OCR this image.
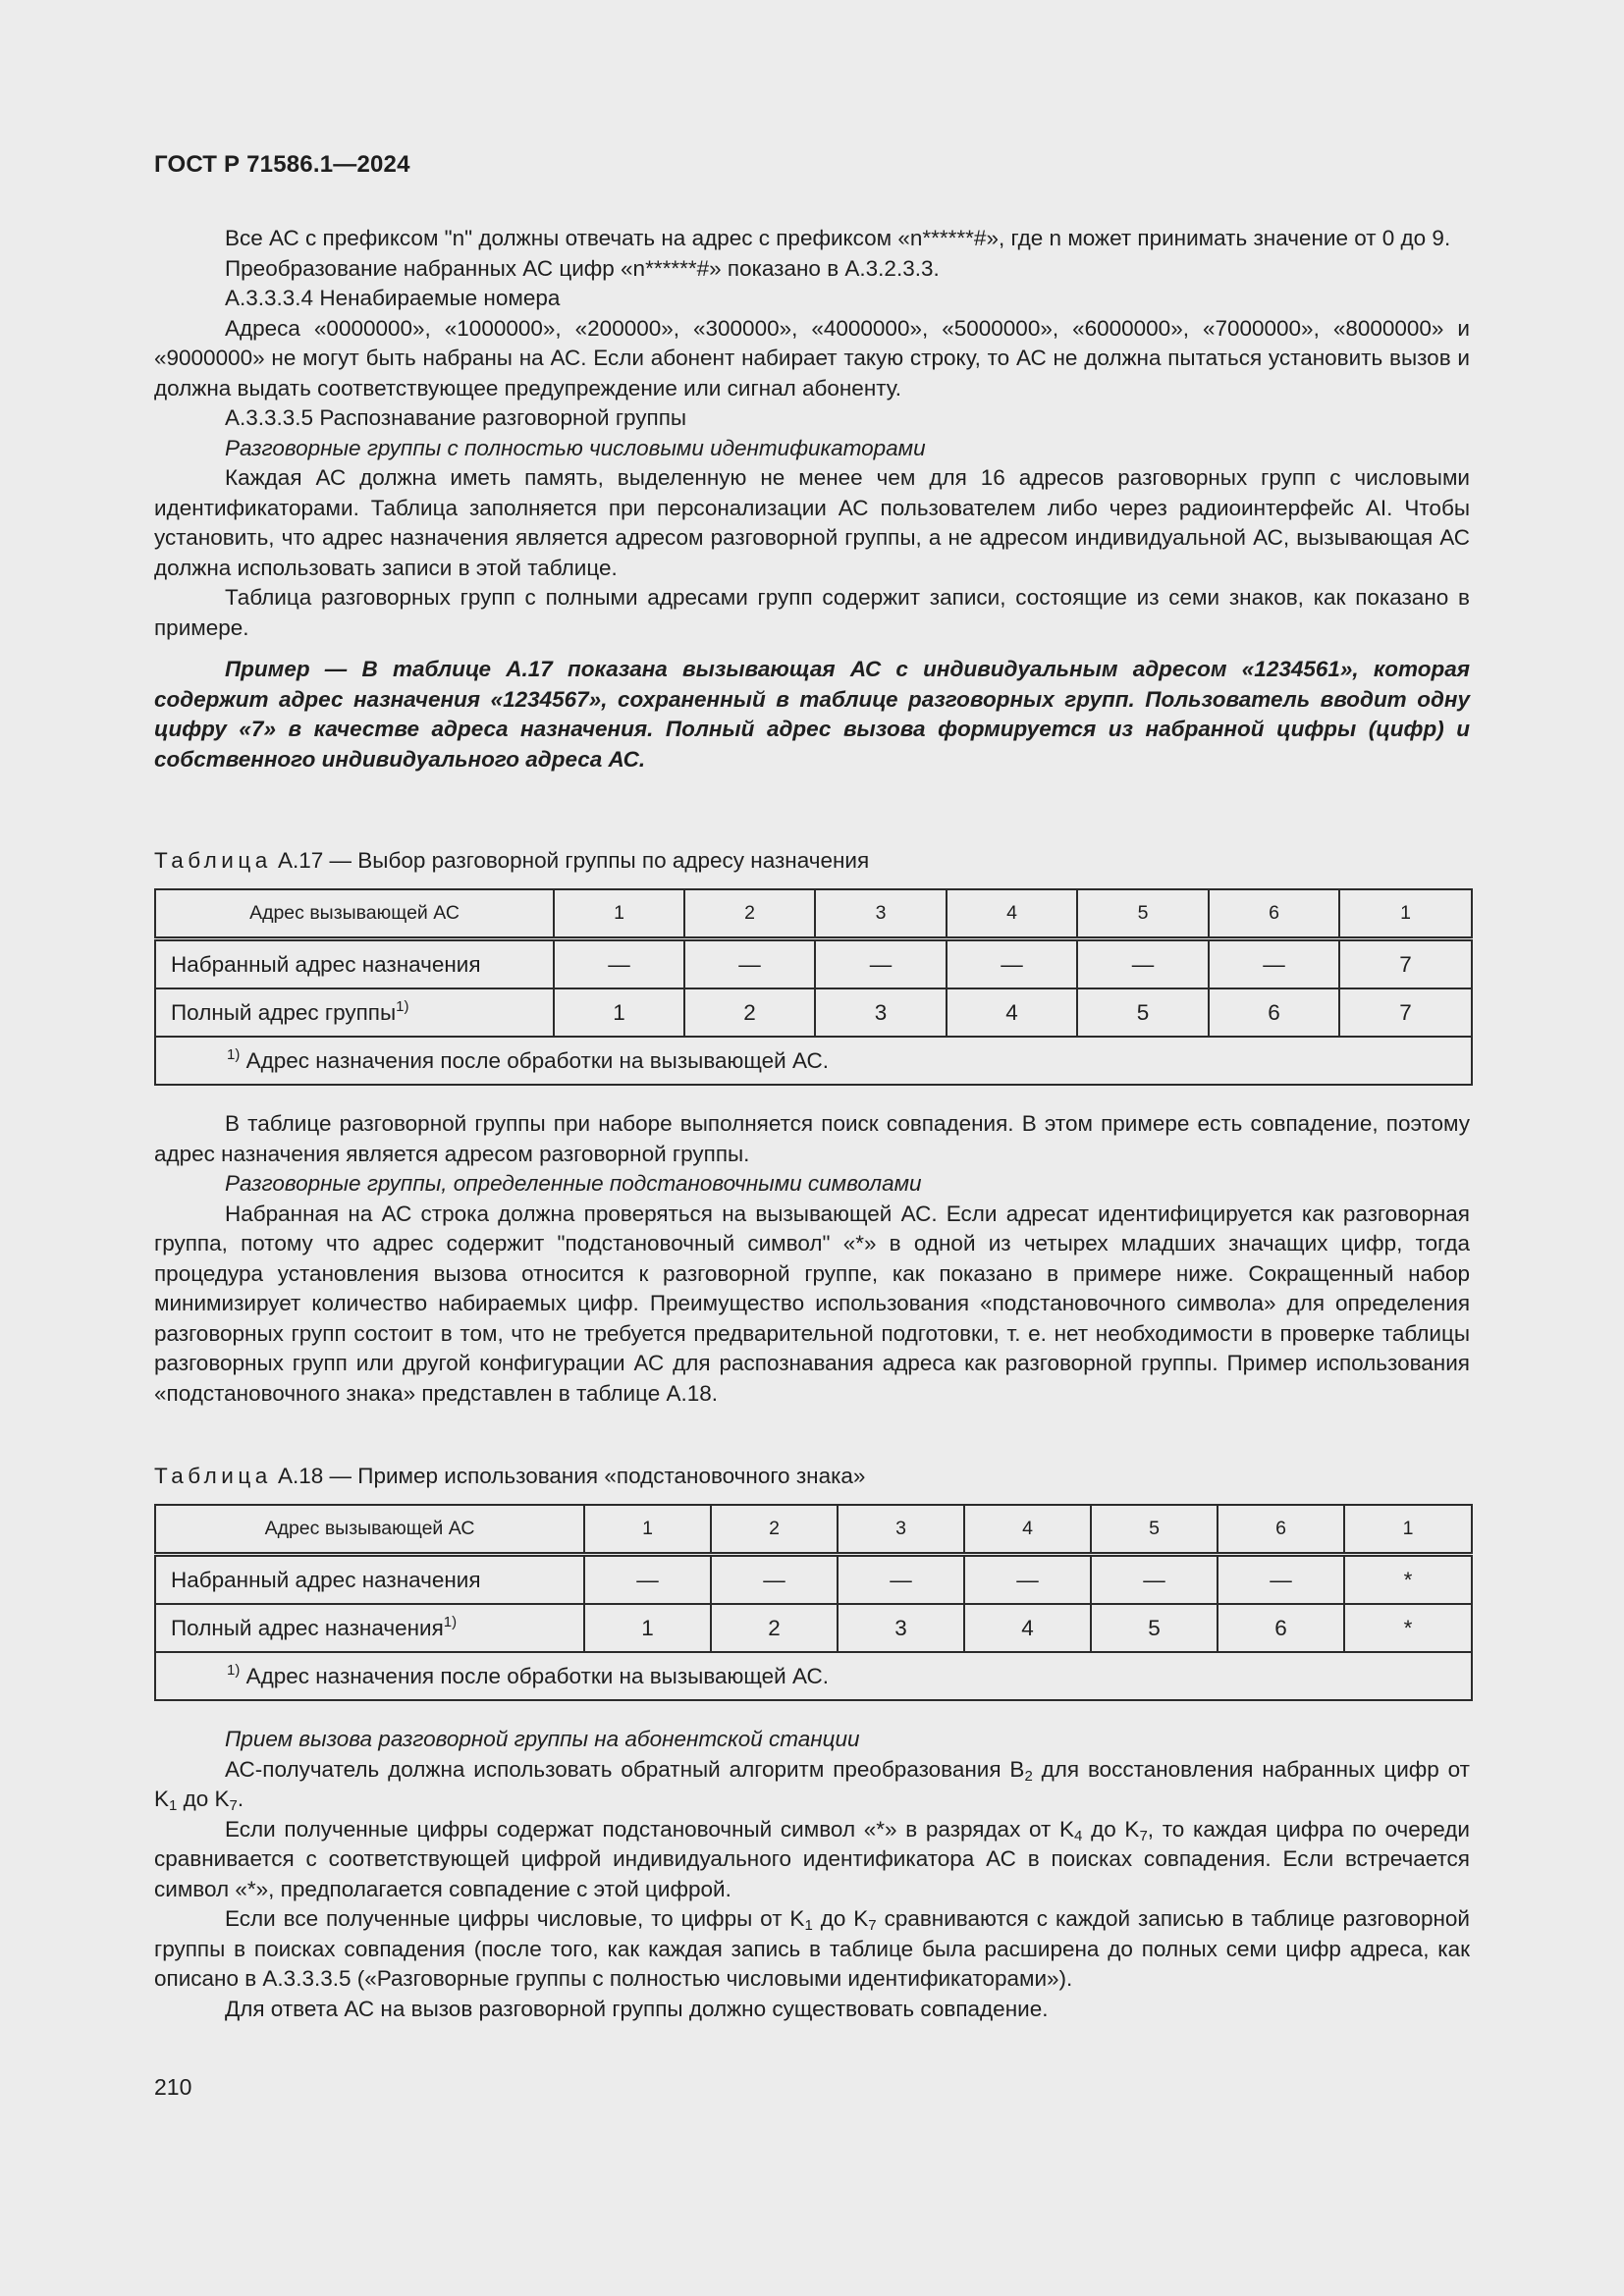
ГОСТ Р 71586.1—2024

Все АС с префиксом "n" должны отвечать на адрес с префиксом «n******#», где n может принимать значение от 0 до 9.

Преобразование набранных АС цифр «n******#» показано в А.3.2.3.3.

А.3.3.3.4 Ненабираемые номера

Адреса «0000000», «1000000», «200000», «300000», «4000000», «5000000», «6000000», «7000000», «8000000» и «9000000» не могут быть набраны на АС. Если абонент набирает такую строку, то АС не должна пытаться установить вызов и должна выдать соответствующее предупреждение или сигнал абоненту.

А.3.3.3.5 Распознавание разговорной группы

Разговорные группы с полностью числовыми идентификаторами

Каждая АС должна иметь память, выделенную не менее чем для 16 адресов разговорных групп с числовыми идентификаторами. Таблица заполняется при персонализации АС пользователем либо через радиоинтерфейс AI. Чтобы установить, что адрес назначения является адресом разговорной группы, а не адресом индивидуальной АС, вызывающая АС должна использовать записи в этой таблице.

Таблица разговорных групп с полными адресами групп содержит записи, состоящие из семи знаков, как показано в примере.

Пример — В таблице А.17 показана вызывающая АС с индивидуальным адресом «1234561», которая содержит адрес назначения «1234567», сохраненный в таблице разговорных групп. Пользователь вводит одну цифру «7» в качестве адреса назначения. Полный адрес вызова формируется из набранной цифры (цифр) и собственного индивидуального адреса АС.

Таблица А.17 — Выбор разговорной группы по адресу назначения
Адрес вызывающей АС	1	2	3	4	5	6	1
Набранный адрес назначения	—	—	—	—	—	—	7
Полный адрес группы$^{1)}$	1	2	3	4	5	6	7
$^{1)}$ Адрес назначения после обработки на вызывающей АС.							

В таблице разговорной группы при наборе выполняется поиск совпадения. В этом примере есть совпадение, поэтому адрес назначения является адресом разговорной группы.

Разговорные группы, определенные подстановочными символами

Набранная на АС строка должна проверяться на вызывающей АС. Если адресат идентифицируется как разговорная группа, потому что адрес содержит "подстановочный символ" «*» в одной из четырех младших значащих цифр, тогда процедура установления вызова относится к разговорной группе, как показано в примере ниже. Сокращенный набор минимизирует количество набираемых цифр. Преимущество использования «подстановочного символа» для определения разговорных групп состоит в том, что не требуется предварительной подготовки, т. е. нет необходимости в проверке таблицы разговорных групп или другой конфигурации АС для распознавания адреса как разговорной группы. Пример использования «подстановочного знака» представлен в таблице А.18.

Таблица А.18 — Пример использования «подстановочного знака»
Адрес вызывающей АС	1	2	3	4	5	6	1
Набранный адрес назначения	—	—	—	—	—	—	*
Полный адрес назначения$^{1)}$	1	2	3	4	5	6	*
$^{1)}$ Адрес назначения после обработки на вызывающей АС.							

Прием вызова разговорной группы на абонентской станции

АС-получатель должна использовать обратный алгоритм преобразования $В_2$ для восстановления набранных цифр от $K_1$ до $K_7$.

Если полученные цифры содержат подстановочный символ «*» в разрядах от $K_4$ до $K_7$, то каждая цифра по очереди сравнивается с соответствующей цифрой индивидуального идентификатора АС в поисках совпадения. Если встречается символ «*», предполагается совпадение с этой цифрой.

Если все полученные цифры числовые, то цифры от $K_1$ до $K_7$ сравниваются с каждой записью в таблице разговорной группы в поисках совпадения (после того, как каждая запись в таблице была расширена до полных семи цифр адреса, как описано в А.3.3.3.5 («Разговорные группы с полностью числовыми идентификаторами»).

Для ответа АС на вызов разговорной группы должно существовать совпадение.

210
